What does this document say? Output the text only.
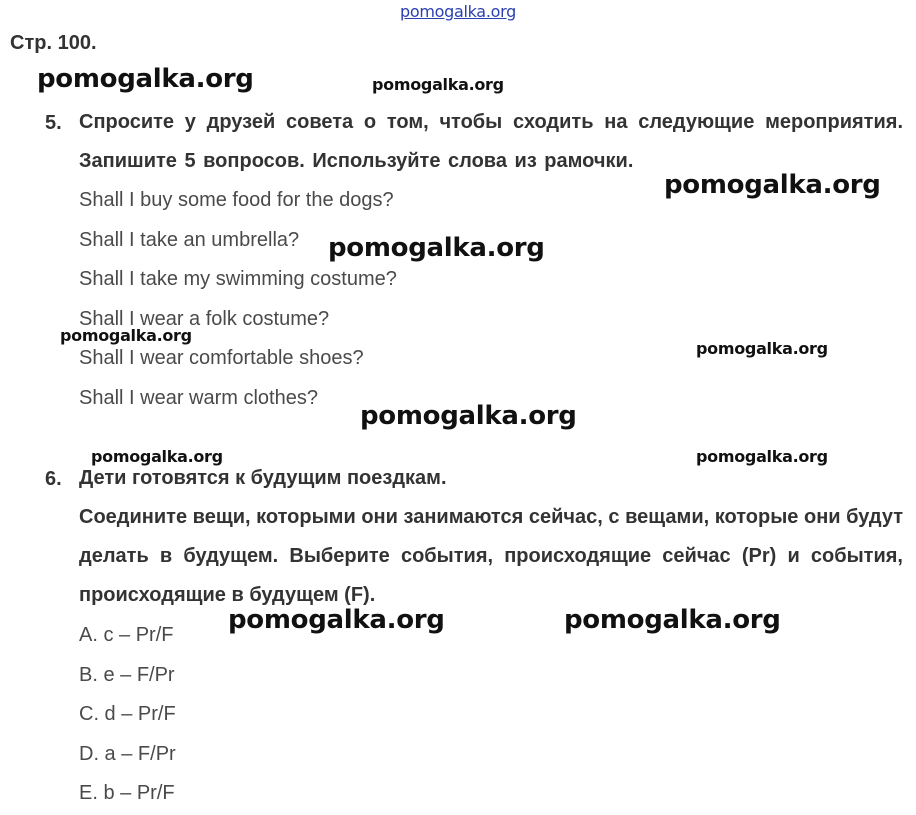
pomogalka.org
Стр. 100.
5. Спросите у друзей совета о том, чтобы сходить на следующие мероприятия. Запишите 5 вопросов. Используйте слова из рамочки.

Shall I buy some food for the dogs?
Shall I take an umbrella?
Shall I take my swimming costume?
Shall I wear a folk costume?
Shall I wear comfortable shoes?
Shall I wear warm clothes?
6. Дети готовятся к будущим поездкам.

Соедините вещи, которыми они занимаются сейчас, с вещами, которые они будут делать в будущем. Выберите события, происходящие сейчас (Pr) и события, происходящие в будущем (F).

A. c – Pr/F
B. e – F/Pr
C. d – Pr/F
D. a – F/Pr
E. b – Pr/F
pomogalka.org	pomogalka.org
pomogalka.org
pomogalka.org
pomogalka.org
pomogalka.org
pomogalka.org
pomogalka.org	pomogalka.org
pomogalka.org	pomogalka.org
